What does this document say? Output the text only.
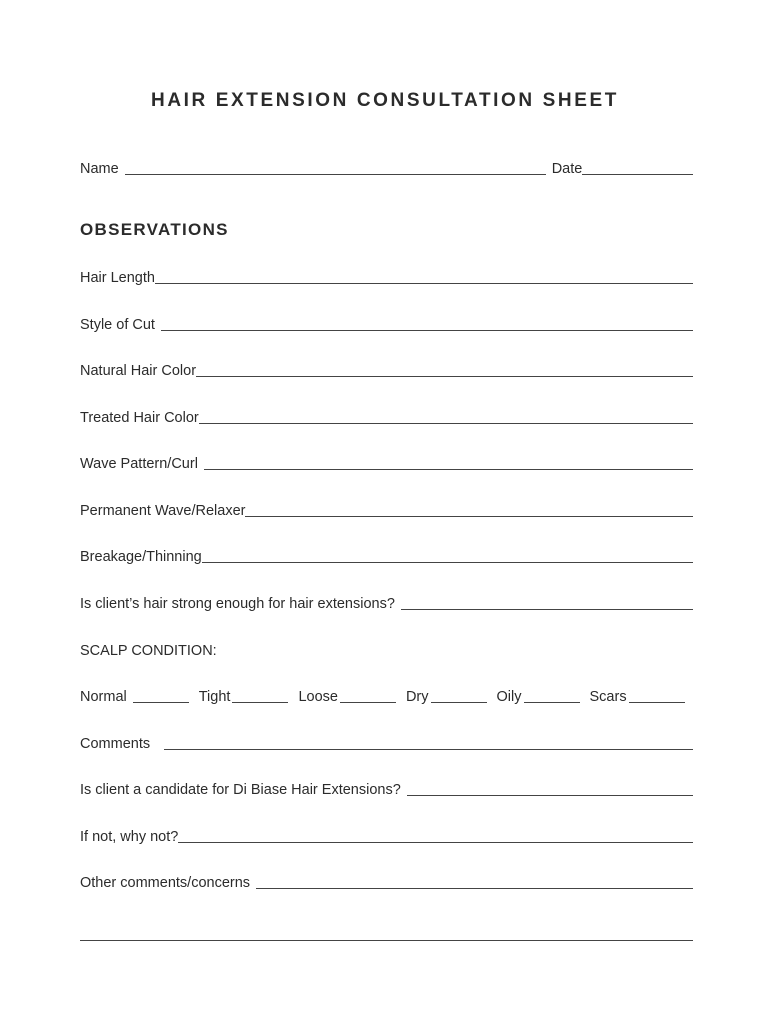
HAIR EXTENSION CONSULTATION SHEET
Name	Date
OBSERVATIONS
Hair Length
Style of Cut
Natural Hair Color
Treated Hair Color
Wave Pattern/Curl
Permanent Wave/Relaxer
Breakage/Thinning
Is client’s hair strong enough for hair extensions?
SCALP CONDITION:
Normal	Tight	Loose	Dry	Oily	Scars
Comments
Is client a candidate for Di Biase Hair Extensions?
If not, why not?
Other comments/concerns
